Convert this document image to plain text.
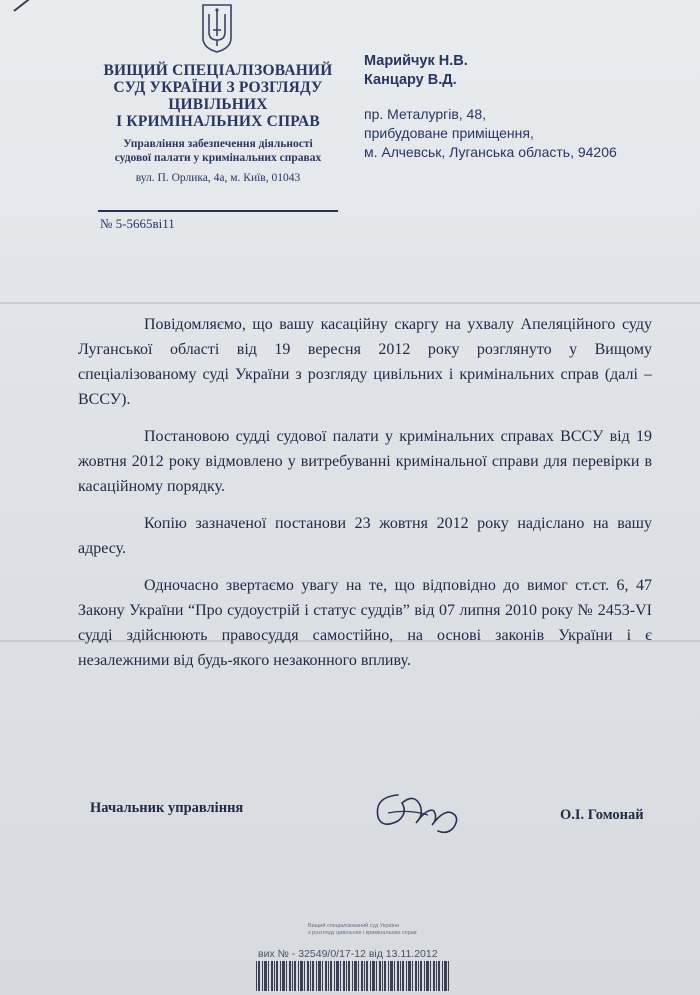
ВИЩИЙ СПЕЦІАЛІЗОВАНИЙ

СУД УКРАЇНИ З РОЗГЛЯДУ

ЦИВІЛЬНИХ

І КРИМІНАЛЬНИХ СПРАВ

Управління забезпечення діяльності
судової палати у кримінальних справах
вул. П. Орлика, 4а, м. Київ, 01043
№ 5-5665ві11

Марийчук Н.В.

Канцару В.Д.

пр. Металургів, 48,
прибудоване приміщення,
м. Алчевськ, Луганська область, 94206

Повідомляємо, що вашу касаційну скаргу на ухвалу Апеляційного суду Луганської області від 19 вересня 2012 року розглянуто у Вищому спеціалізованому суді України з розгляду цивільних і кримінальних справ (далі – ВССУ).

Постановою судді судової палати у кримінальних справах ВССУ від 19 жовтня 2012 року відмовлено у витребуванні кримінальної справи для перевірки в касаційному порядку.

Копію зазначеної постанови 23 жовтня 2012 року надіслано на вашу адресу.

Одночасно звертаємо увагу на те, що відповідно до вимог ст.ст. 6, 47 Закону України “Про судоустрій і статус суддів” від 07 липня 2010 року № 2453-VI судді здійснюють правосуддя самостійно, на основі законів України і є незалежними від будь-якого незаконного впливу.

Начальник управління	О.І. Гомонай
Вищий спеціалізований суд України
з розгляду цивільних і кримінальних справ
вих № - 32549/0/17-12 від 13.11.2012
